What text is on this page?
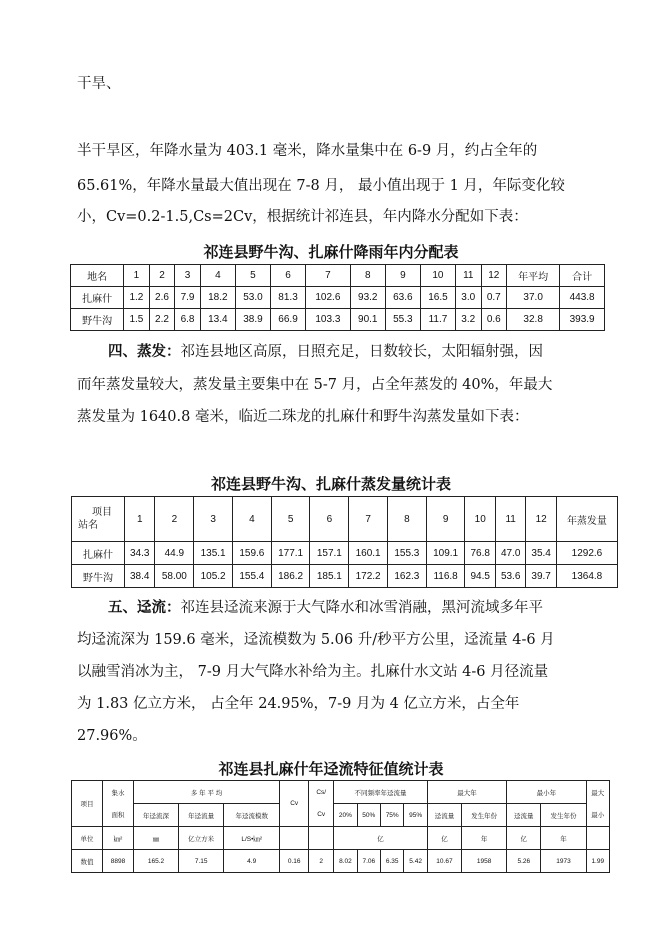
干旱、
半干旱区，年降水量为 403.1 毫米，降水量集中在 6-9 月，约占全年的
65.61%，年降水量最大值出现在 7-8 月， 最小值出现于 1 月，年际变化较
小，Cv=0.2-1.5,Cs=2Cv，根据统计祁连县，年内降水分配如下表：
祁连县野牛沟、扎麻什降雨年内分配表
地名	1	2	3	4	5	6	7	8	9	10	11	12	年平均	合计
扎麻什	1.2	2.6	7.9	18.2	53.0	81.3	102.6	93.2	63.6	16.5	3.0	0.7	37.0	443.8
野牛沟	1.5	2.2	6.8	13.4	38.9	66.9	103.3	90.1	55.3	11.7	3.2	0.6	32.8	393.9
四、蒸发：祁连县地区高原，日照充足，日数较长，太阳辐射强，因
而年蒸发量较大，蒸发量主要集中在 5-7 月，占全年蒸发的 40%，年最大
蒸发量为 1640.8 毫米，临近二珠龙的扎麻什和野牛沟蒸发量如下表：
祁连县野牛沟、扎麻什蒸发量统计表
项目
站名	1	2	3	4	5	6	7	8	9	10	11	12	年蒸发量
扎麻什	34.3	44.9	135.1	159.6	177.1	157.1	160.1	155.3	109.1	76.8	47.0	35.4	1292.6
野牛沟	38.4	58.00	105.2	155.4	186.2	185.1	172.2	162.3	116.8	94.5	53.6	39.7	1364.8
五、迳流：祁连县迳流来源于大气降水和冰雪消融，黑河流域多年平
均迳流深为 159.6 毫米，迳流模数为 5.06 升/秒平方公里，迳流量 4-6 月
以融雪消冰为主， 7-9 月大气降水补给为主。扎麻什水文站 4-6 月径流量
为 1.83 亿立方米， 占全年 24.95%，7-9 月为 4 亿立方米，占全年
27.96%。
祁连县扎麻什年迳流特征值统计表
项目	集水	多 年 平 均			Cv	Cs/	不同频率年迳流量				最大年		最小年		最大
	面积	年迳流深	年迳流量	年迳流模数		Cv	20%	50%	75%	95%	迳流量	发生年份	迳流量	发生年份	最小
单位	㎞²	㎜	亿立方米	L/S•㎞²			亿				亿	年	亿	年	
数值	8898	165.2	7.15	4.9	0.16	2	8.02	7.06	6.35	5.42	10.67	1958	5.26	1973	1.99
